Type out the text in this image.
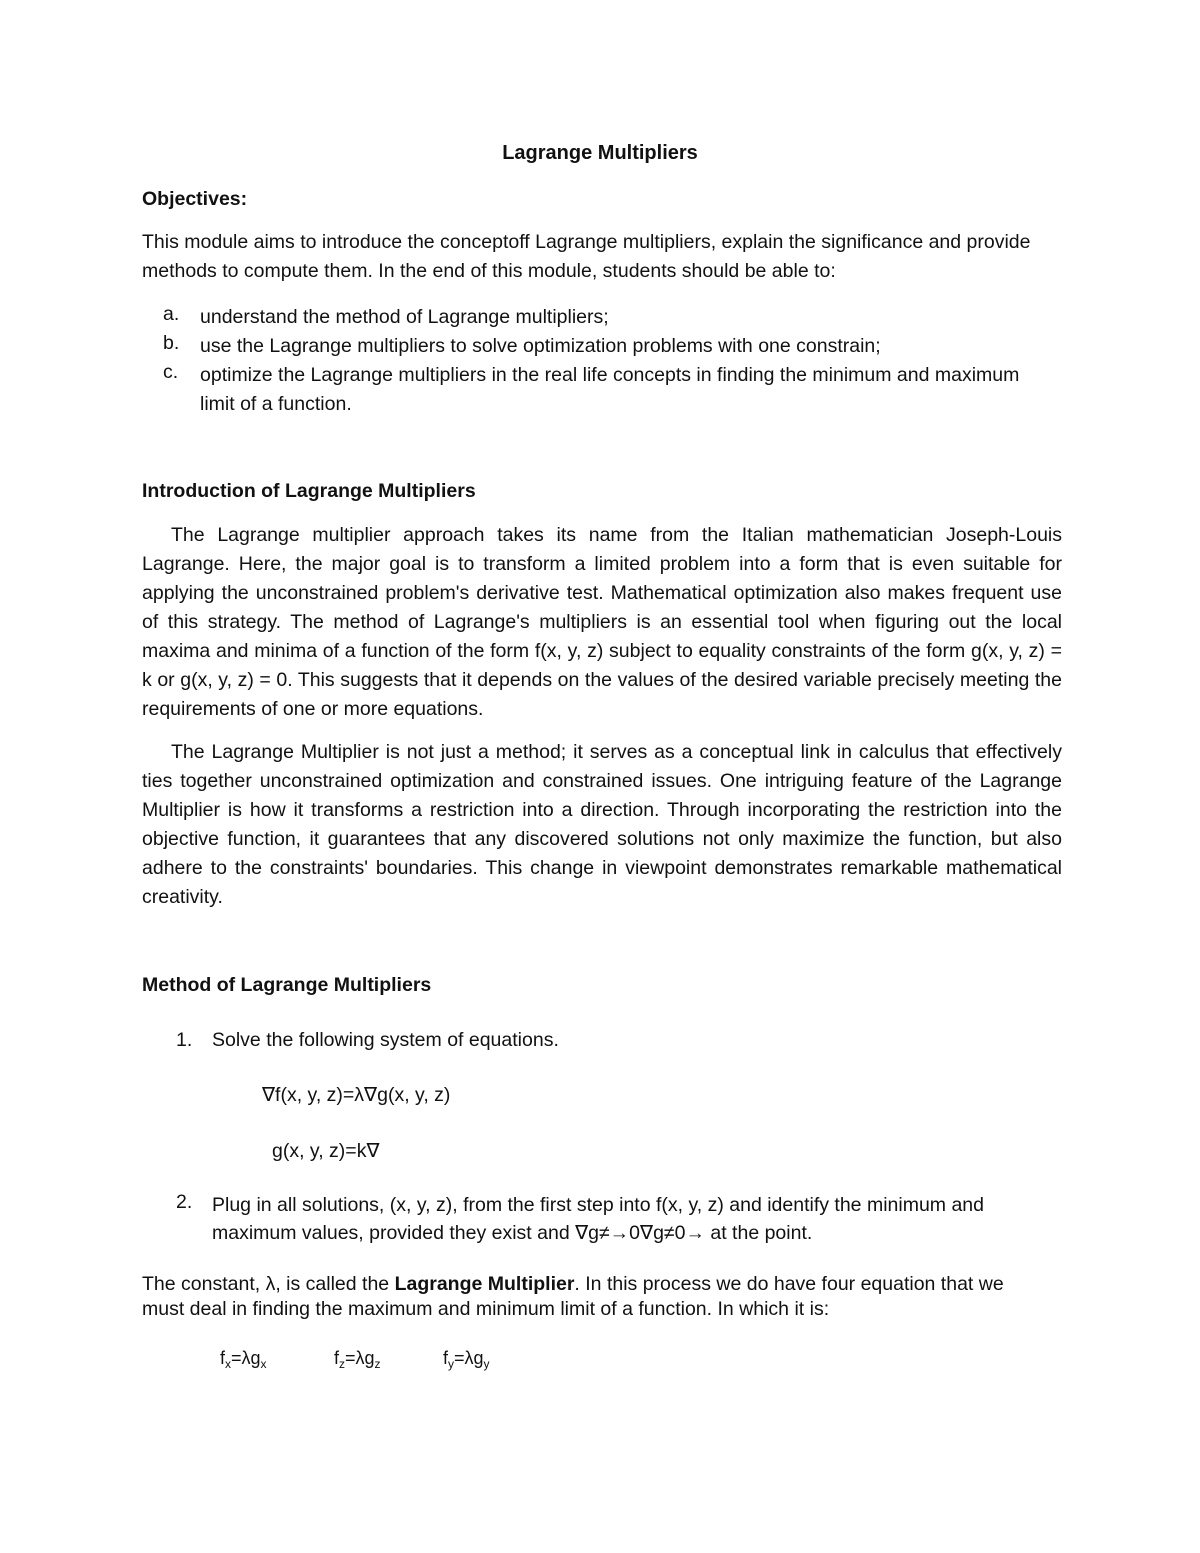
Lagrange Multipliers
Objectives:
This module aims to introduce the conceptoff Lagrange multipliers, explain the significance and provide methods to compute them. In the end of this module, students should be able to:
a. understand the method of Lagrange multipliers;
b. use the Lagrange multipliers to solve optimization problems with one constrain;
c. optimize the Lagrange multipliers in the real life concepts in finding the minimum and maximum limit of a function.
Introduction of Lagrange Multipliers
The Lagrange multiplier approach takes its name from the Italian mathematician Joseph-Louis Lagrange. Here, the major goal is to transform a limited problem into a form that is even suitable for applying the unconstrained problem's derivative test. Mathematical optimization also makes frequent use of this strategy. The method of Lagrange's multipliers is an essential tool when figuring out the local maxima and minima of a function of the form f(x, y, z) subject to equality constraints of the form g(x, y, z) = k or g(x, y, z) = 0. This suggests that it depends on the values of the desired variable precisely meeting the requirements of one or more equations.
The Lagrange Multiplier is not just a method; it serves as a conceptual link in calculus that effectively ties together unconstrained optimization and constrained issues. One intriguing feature of the Lagrange Multiplier is how it transforms a restriction into a direction. Through incorporating the restriction into the objective function, it guarantees that any discovered solutions not only maximize the function, but also adhere to the constraints' boundaries. This change in viewpoint demonstrates remarkable mathematical creativity.
Method of Lagrange Multipliers
1. Solve the following system of equations.
∇f(x, y, z)=λ∇g(x, y, z)
g(x, y, z)=k∇
2. Plug in all solutions, (x, y, z), from the first step into f(x, y, z) and identify the minimum and maximum values, provided they exist and ∇g≠→0∇g≠0→ at the point.
The constant, λ, is called the Lagrange Multiplier. In this process we do have four equation that we must deal in finding the maximum and minimum limit of a function. In which it is:
$f_x=\lambda g_x$	$f_z=\lambda g_z$	$f_y=\lambda g_y$
